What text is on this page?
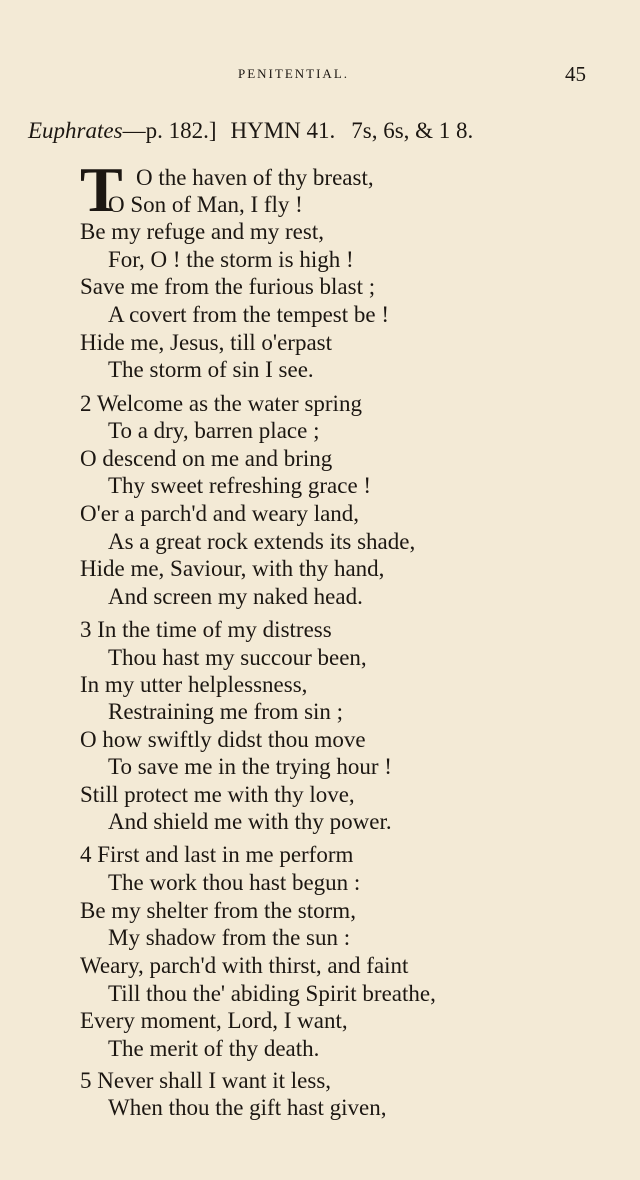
PENITENTIAL.	45
Euphrates—p. 182.] HYMN 41. 7s, 6s, & 1 8.
T O the haven of thy breast,
O Son of Man, I fly !
Be my refuge and my rest,
For, O ! the storm is high !
Save me from the furious blast ;
A covert from the tempest be !
Hide me, Jesus, till o'erpast
The storm of sin I see.
2 Welcome as the water spring
To a dry, barren place ;
O descend on me and bring
Thy sweet refreshing grace !
O'er a parch'd and weary land,
As a great rock extends its shade,
Hide me, Saviour, with thy hand,
And screen my naked head.
3 In the time of my distress
Thou hast my succour been,
In my utter helplessness,
Restraining me from sin ;
O how swiftly didst thou move
To save me in the trying hour !
Still protect me with thy love,
And shield me with thy power.
4 First and last in me perform
The work thou hast begun :
Be my shelter from the storm,
My shadow from the sun :
Weary, parch'd with thirst, and faint
Till thou the' abiding Spirit breathe,
Every moment, Lord, I want,
The merit of thy death.
5 Never shall I want it less,
When thou the gift hast given,
